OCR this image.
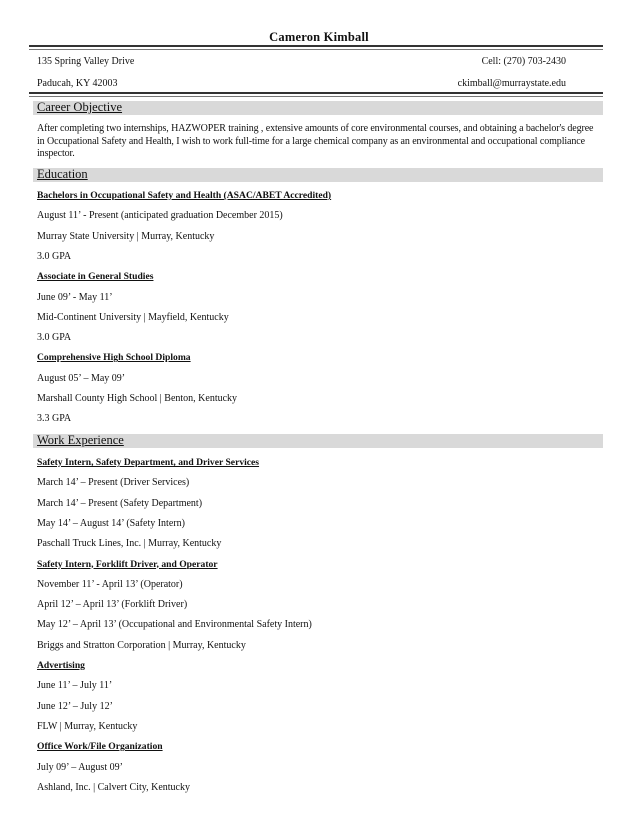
Cameron Kimball
135 Spring Valley Drive	Cell: (270) 703-2430
Paducah, KY 42003	ckimball@murraystate.edu
Career Objective
After completing two internships, HAZWOPER training , extensive amounts of core environmental courses, and obtaining a bachelor's degree in Occupational Safety and Health, I wish to work full-time for a large chemical company as an environmental and occupational compliance inspector.
Education
Bachelors in Occupational Safety and Health (ASAC/ABET Accredited)
August 11’ - Present (anticipated graduation December 2015)
Murray State University | Murray, Kentucky
3.0 GPA
Associate in General Studies
June 09’ - May 11’
Mid-Continent University | Mayfield, Kentucky
3.0 GPA
Comprehensive High School Diploma
August 05’ – May 09’
Marshall County High School | Benton, Kentucky
3.3 GPA
Work Experience
Safety Intern, Safety Department, and Driver Services
March 14’ – Present (Driver Services)
March 14’ – Present (Safety Department)
May 14’ – August 14’ (Safety Intern)
Paschall Truck Lines, Inc. | Murray, Kentucky
Safety Intern, Forklift Driver, and Operator
November 11’ - April 13’ (Operator)
April 12’ – April 13’ (Forklift Driver)
May 12’ – April 13’ (Occupational and Environmental Safety Intern)
Briggs and Stratton Corporation | Murray, Kentucky
Advertising
June 11’ – July 11’
June 12’ – July 12’
FLW | Murray, Kentucky
Office Work/File Organization
July 09’ – August 09’
Ashland, Inc. | Calvert City, Kentucky
